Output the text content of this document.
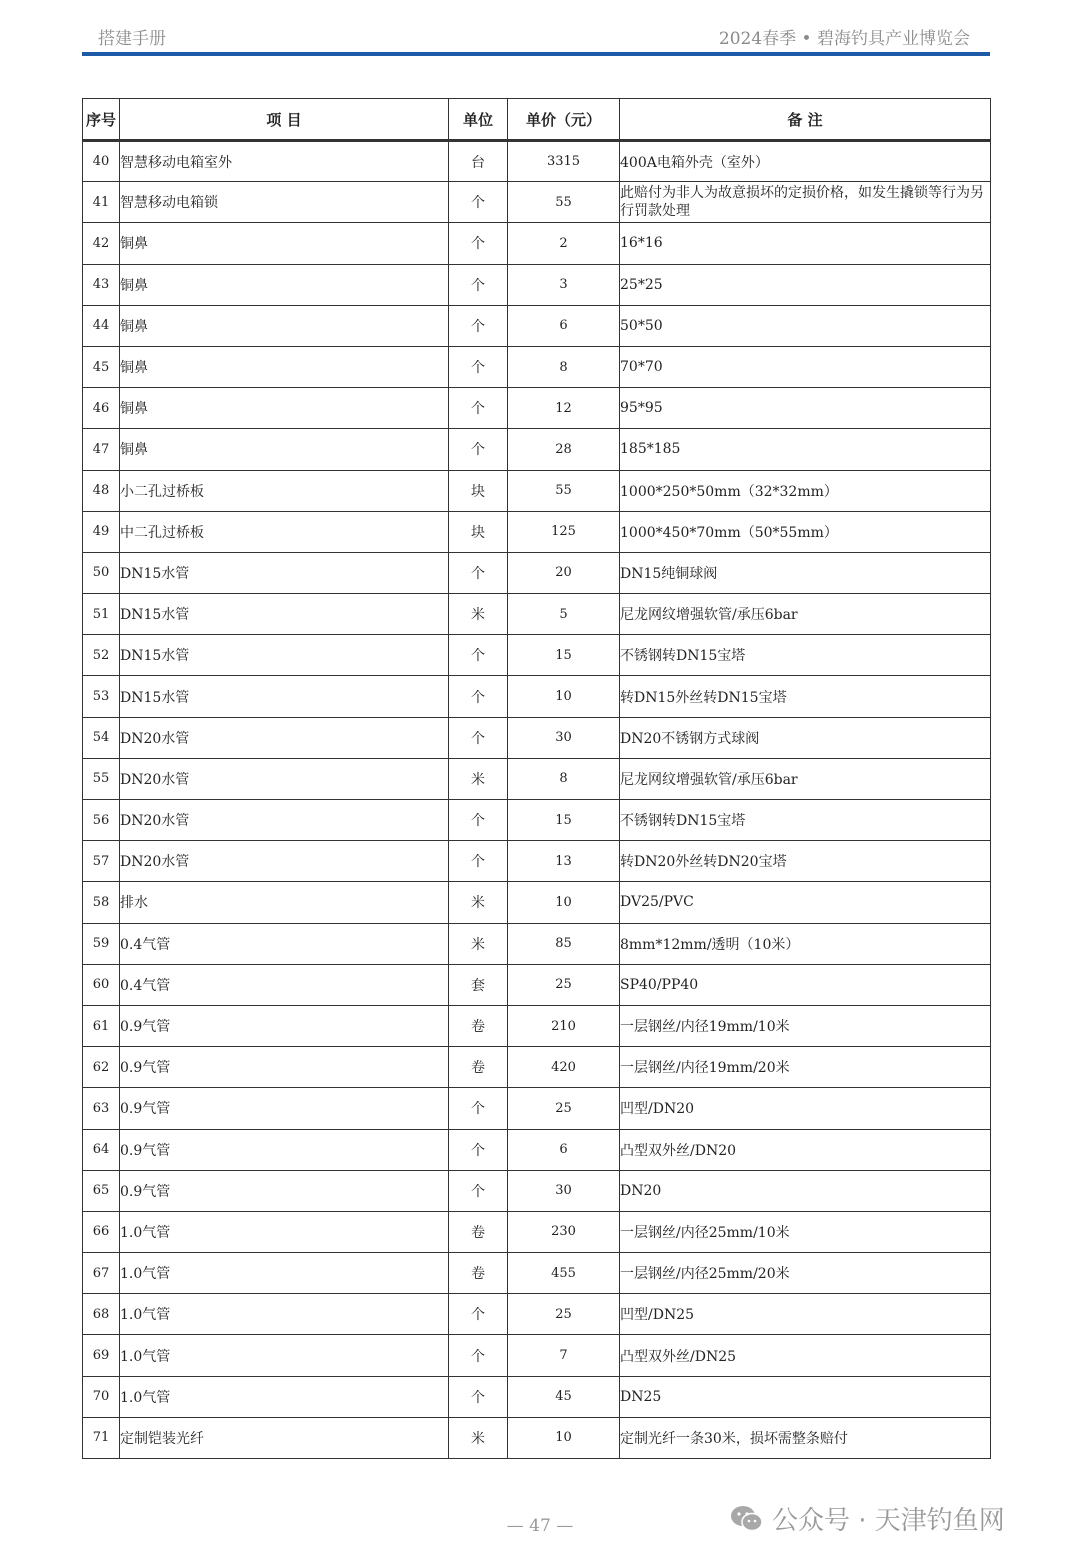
搭建手册	2024春季 • 碧海钓具产业博览会
序号	项 目	单位	单价（元）	备 注
40	智慧移动电箱室外	台	3315	400A电箱外壳（室外）
41	智慧移动电箱锁	个	55	此赔付为非人为故意损坏的定损价格，如发生撬锁等行为另行罚款处理
42	铜鼻	个	2	16*16
43	铜鼻	个	3	25*25
44	铜鼻	个	6	50*50
45	铜鼻	个	8	70*70
46	铜鼻	个	12	95*95
47	铜鼻	个	28	185*185
48	小二孔过桥板	块	55	1000*250*50mm（32*32mm）
49	中二孔过桥板	块	125	1000*450*70mm（50*55mm）
50	DN15水管	个	20	DN15纯铜球阀
51	DN15水管	米	5	尼龙网纹增强软管/承压6bar
52	DN15水管	个	15	不锈钢转DN15宝塔
53	DN15水管	个	10	转DN15外丝转DN15宝塔
54	DN20水管	个	30	DN20不锈钢方式球阀
55	DN20水管	米	8	尼龙网纹增强软管/承压6bar
56	DN20水管	个	15	不锈钢转DN15宝塔
57	DN20水管	个	13	转DN20外丝转DN20宝塔
58	排水	米	10	DV25/PVC
59	0.4气管	米	85	8mm*12mm/透明（10米）
60	0.4气管	套	25	SP40/PP40
61	0.9气管	卷	210	一层钢丝/内径19mm/10米
62	0.9气管	卷	420	一层钢丝/内径19mm/20米
63	0.9气管	个	25	凹型/DN20
64	0.9气管	个	6	凸型双外丝/DN20
65	0.9气管	个	30	DN20
66	1.0气管	卷	230	一层钢丝/内径25mm/10米
67	1.0气管	卷	455	一层钢丝/内径25mm/20米
68	1.0气管	个	25	凹型/DN25
69	1.0气管	个	7	凸型双外丝/DN25
70	1.0气管	个	45	DN25
71	定制铠装光纤	米	10	定制光纤一条30米，损坏需整条赔付
— 47 —	公众号 · 天津钓鱼网
